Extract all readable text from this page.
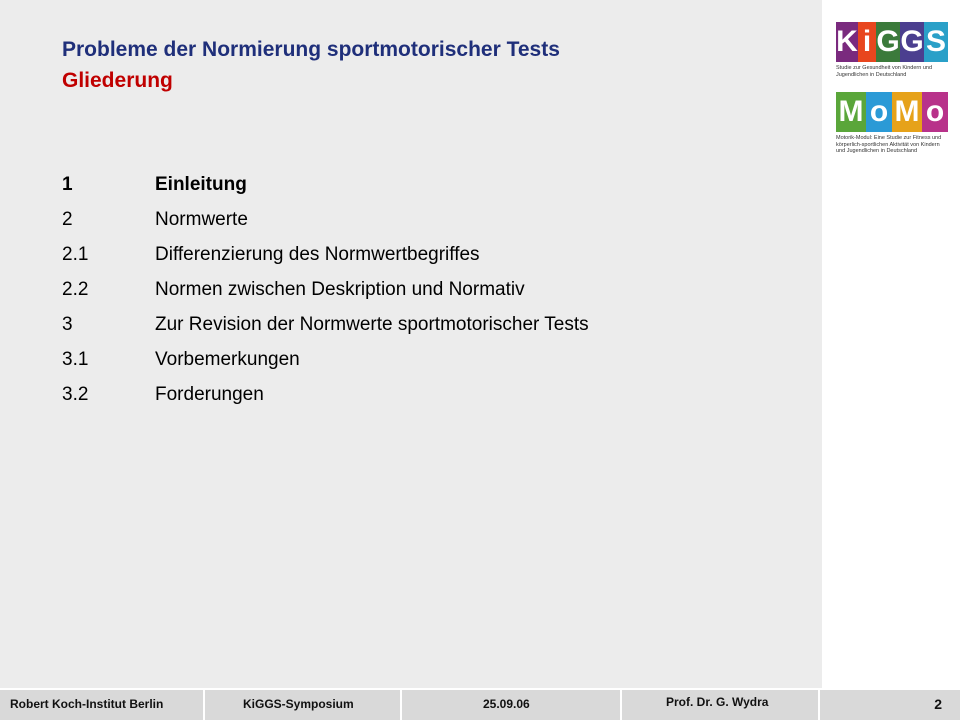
Probleme der Normierung sportmotorischer Tests
Gliederung
1	Einleitung
2	Normwerte
2.1	Differenzierung des Normwertbegriffes
2.2	Normen zwischen Deskription und Normativ
3	Zur Revision der Normwerte sportmotorischer Tests
3.1	Vorbemerkungen
3.2	Forderungen
K i G G S
Studie zur Gesundheit von Kindern und Jugendlichen in Deutschland
M o M o
Motorik-Modul: Eine Studie zur Fitness und körperlich-sportlichen Aktivität von Kindern und Jugendlichen in Deutschland
Robert Koch-Institut Berlin	KiGGS-Symposium	25.09.06	Prof. Dr. G. Wydra	2
